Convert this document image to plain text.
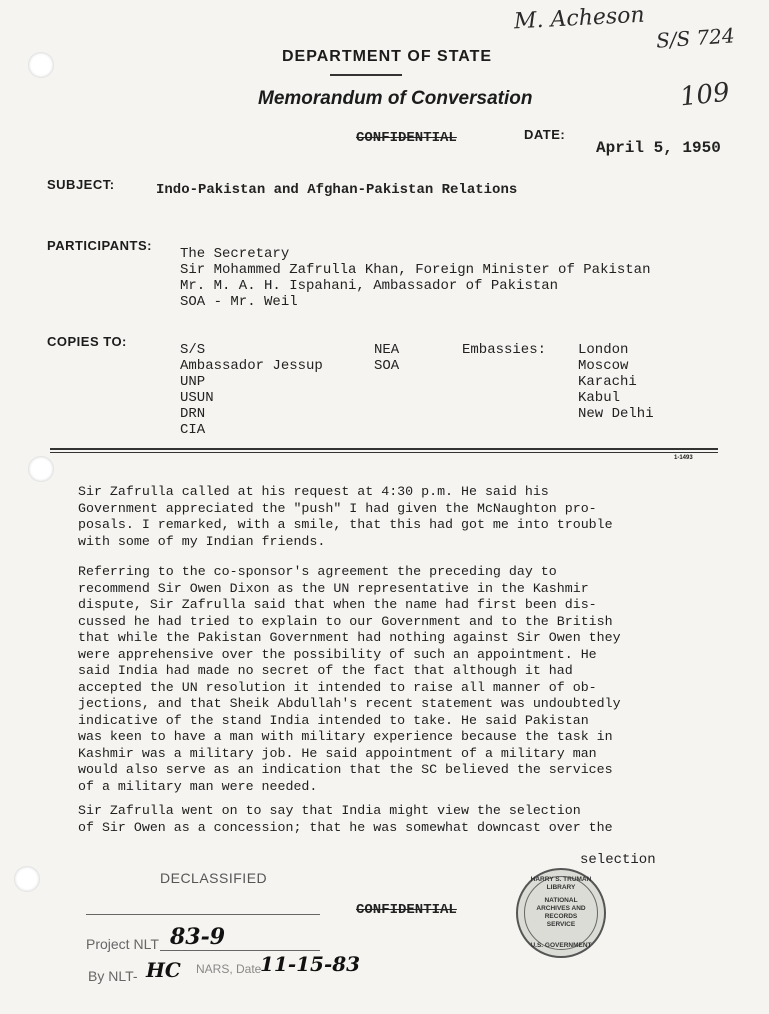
M. Acheson
S/S 724
109
DEPARTMENT OF STATE
Memorandum of Conversation
CONFIDENTIAL	DATE:
April 5, 1950
SUBJECT:	Indo-Pakistan and Afghan-Pakistan Relations
PARTICIPANTS:
The Secretary
Sir Mohammed Zafrulla Khan, Foreign Minister of Pakistan
Mr. M. A. H. Ispahani, Ambassador of Pakistan
SOA - Mr. Weil
COPIES TO:
S/S
Ambassador Jessup
UNP
USUN
DRN
CIA
NEA
SOA
Embassies: London
Moscow
Karachi
Kabul
New Delhi
1-1493
Sir Zafrulla called at his request at 4:30 p.m. He said his
Government appreciated the "push" I had given the McNaughton pro-
posals. I remarked, with a smile, that this had got me into trouble
with some of my Indian friends.
Referring to the co-sponsor's agreement the preceding day to
recommend Sir Owen Dixon as the UN representative in the Kashmir
dispute, Sir Zafrulla said that when the name had first been dis-
cussed he had tried to explain to our Government and to the British
that while the Pakistan Government had nothing against Sir Owen they
were apprehensive over the possibility of such an appointment. He
said India had made no secret of the fact that although it had
accepted the UN resolution it intended to raise all manner of ob-
jections, and that Sheik Abdullah's recent statement was undoubtedly
indicative of the stand India intended to take. He said Pakistan
was keen to have a man with military experience because the task in
Kashmir was a military job. He said appointment of a military man
would also serve as an indication that the SC believed the services
of a military man were needed.
Sir Zafrulla went on to say that India might view the selection
of Sir Owen as a concession; that he was somewhat downcast over the
selection
DECLASSIFIED
CONFIDENTIAL
Project NLT 83-9
By NLT- HC NARS, Date
11-15-83
HARRY S. TRUMAN LIBRARY
NATIONAL ARCHIVES AND RECORDS SERVICE
U.S. GOVERNMENT
